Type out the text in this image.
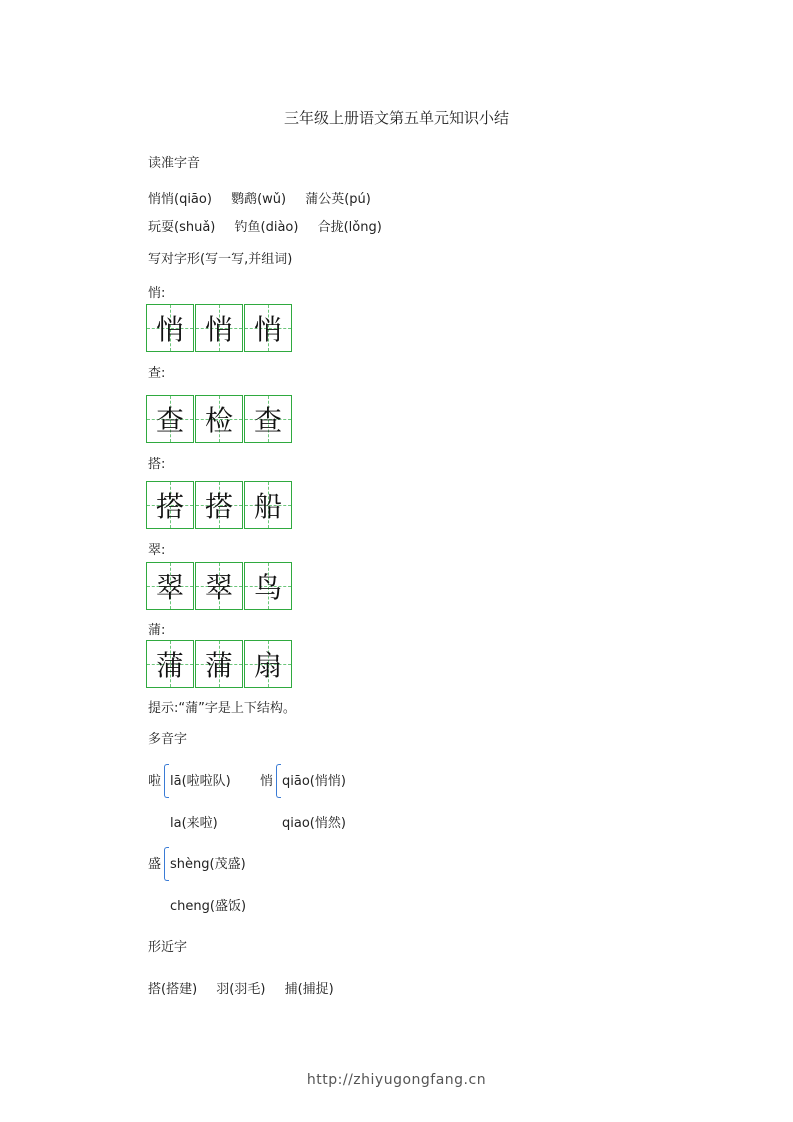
三年级上册语文第五单元知识小结
读准字音
悄悄(qiāo) 鹦鹉(wǔ) 蒲公英(pú)
玩耍(shuǎ) 钓鱼(diào) 合拢(lǒng)
写对字形(写一写,并组词)
悄:
悄 悄 悄
查:
查 检 查
搭:
搭 搭 船
翠:
翠 翠 鸟
蒲:
蒲 蒲 扇
提示:“蒲”字是上下结构。
多音字
啦 lā(啦啦队)
la(来啦)
悄 qiāo(悄悄)
qiao(悄然)
盛 shèng(茂盛)
cheng(盛饭)
形近字
搭(搭建) 羽(羽毛) 捕(捕捉)
http://zhiyugongfang.cn
